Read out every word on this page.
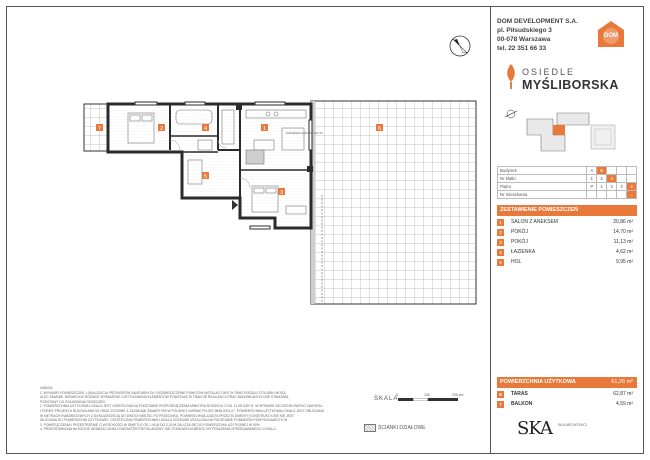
1
2
3
4
5
6
7
KUCHENKA GAZOWA / PŁYTA
DOM DEVELOPMENT S.A.
pl. Piłsudskiego 3
00-078 Warszawa
tel. 22 351 66 33
DOM
OSIEDLE
MYŚLIBORSKA
Budynek	A	B			
Nr klatki	1	2	3		
Piętro	P	1	2	3	4
Nr mieszkania					...
ZESTAWIENIE POMIESZCZEŃ
1	SALON Z ANEKSEM	20,86 m²
2	POKÓJ	14,70 m²
3	POKÓJ	11,13 m²
4	ŁAZIENKA	4,62 m²
5	HOL	9,95 m²
POWIERZCHNIA UŻYTKOWA	61,26 m²
6	TARAS	62,87 m²
7	BALKON	4,59 m²
SKA SKA ARCHITEKCI

UWAGA:

1. WYMIARY POMIESZCZEŃ, LOKALIZACJA PRZYBORÓW SANITARNYCH, ROZMIESZCZENIE PUNKTÓW INSTALACYJNYCH ORAZ RODZAJ STOLARKI MOGĄ

ULEC ZMIANIE. NIEWIELKIE RÓŻNICE WYMIARÓW I USYTUOWANIA ELEMENTÓW POWSTAŁE W TRAKCIE REALIZACJI PRAC BUDOWLANYCH NIE STANOWIĄ

PODSTAWY DO ZGŁASZANIA ROSZCZEŃ.

2. POWIERZCHNIA UŻYTKOWA LOKALU JEST OKREŚLONA NA PODSTAWIE ROZPORZĄDZENIA MINISTRA ROZWOJU Z DN. 11.09.2020 R. W SPRAWIE SZCZEGÓŁOWEGO ZAKRESU

I FORMY PROJEKTU BUDOWLANEGO ORAZ ZGODNIE Z ZASADAMI ZAWARTYMI W POLSKIEJ NORMIE PN-ISO 9836:2022-07. POWIERZCHNIA UŻYTKOWA LOKALU JEST OBLICZANA

W METRACH KWADRATOWYCH Z DOKŁADNOŚCIĄ DO DWÓCH MIEJSC PO PRZECINKU. POWIERZCHNIA ZAJĘTA PRZEZ ELEMENTY KONSTRUKCYJNE NIE JEST

WLICZANA DO POWIERZCHNI UŻYTKOWEJ. OSTATECZNA POWIERZCHNIA LOKALU ZOSTANIE USTALONA NA PODSTAWIE POMIARÓW POWYKONAWCZYCH.

3. POMIESZCZENIA I PRZESTRZENIE O WYSOKOŚCI W ŚWIETLE OD 1,40 M DO 2,20 M ZALICZA SIĘ DO POWIERZCHNI UŻYTKOWEJ W 50%.

4. PRZEDSTAWIONA NA RZUCIE ARANŻACJA MA CHARAKTER PRZYKŁADOWY, NIE STANOWI ELEMENTU WYPOSAŻENIA SPRZEDAWANEGO LOKALU.

SKALA
0	100	200 cm
ŚCIANKI DZIAŁOWE
